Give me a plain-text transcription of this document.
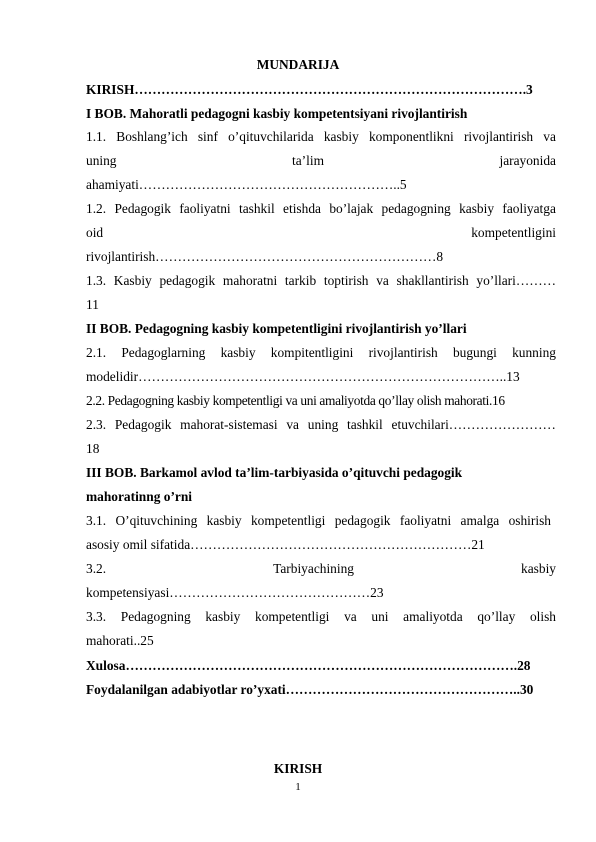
MUNDARIJA
KIRISH…………………………………………………………………………….3
I BOB. Mahoratli pedagogni kasbiy kompetentsiyani rivojlantirish
1.1. Boshlang’ich sinf o’qituvchilarida kasbiy komponentlikni rivojlantirish va
uning	ta’lim	jarayonida
ahamiyati…………………………………………………..5
1.2. Pedagogik faoliyatni tashkil etishda bo’lajak pedagogning kasbiy faoliyatga
oid	kompetentligini
rivojlantirish………………………………………………………8
1.3. Kasbiy pedagogik mahoratni tarkib toptirish va shakllantirish yo’llari………
11
II BOB. Pedagogning kasbiy kompetentligini rivojlantirish yo’llari
2.1. Pedagoglarning kasbiy kompitentligini rivojlantirish bugungi kunning
modelidir………………………………………………………………………..13
2.2. Pedagogning kasbiy kompetentligi va uni amaliyotda qo’llay olish mahorati.16
2.3. Pedagogik mahorat-sistemasi va uning tashkil etuvchilari……………………
18
III BOB. Barkamol avlod ta’lim-tarbiyasida o’qituvchi pedagogik
mahoratinng o’rni
3.1. O’qituvchining kasbiy kompetentligi pedagogik faoliyatni amalga oshirish
asosiy omil sifatida………………………………………………………21
3.2.	Tarbiyachining	kasbiy
kompetensiyasi………………………………………23
3.3. Pedagogning kasbiy kompetentligi va uni amaliyotda qo’llay olish
mahorati..25
Xulosa…………………………………………………………………………….28
Foydalanilgan adabiyotlar ro’yxati……………………………………………..30
KIRISH
1
